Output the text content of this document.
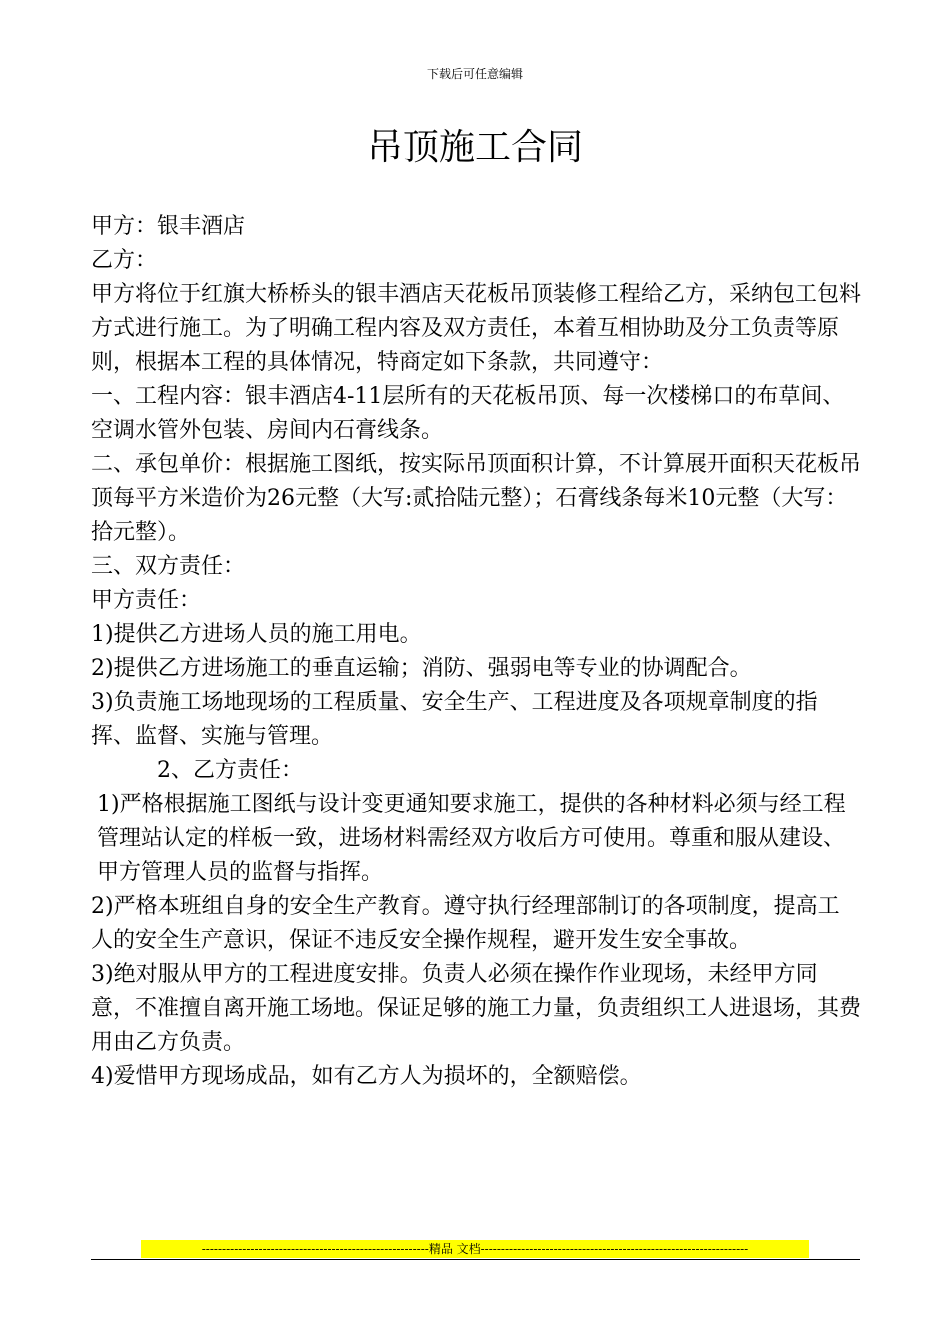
下载后可任意编辑
吊顶施工合同

甲方：银丰酒店

乙方：

甲方将位于红旗大桥桥头的银丰酒店天花板吊顶装修工程给乙方，采纳包工包料方式进行施工。为了明确工程内容及双方责任，本着互相协助及分工负责等原则，根据本工程的具体情况，特商定如下条款，共同遵守：

一、工程内容：银丰酒店4-11层所有的天花板吊顶、每一次楼梯口的布草间、空调水管外包装、房间内石膏线条。

二、承包单价：根据施工图纸，按实际吊顶面积计算，不计算展开面积天花板吊顶每平方米造价为26元整（大写:贰拾陆元整）；石膏线条每米10元整（大写：拾元整）。

三、双方责任：

甲方责任：

1)提供乙方进场人员的施工用电。

2)提供乙方进场施工的垂直运输；消防、强弱电等专业的协调配合。

3)负责施工场地现场的工程质量、安全生产、工程进度及各项规章制度的指挥、监督、实施与管理。

2、乙方责任：

1)严格根据施工图纸与设计变更通知要求施工，提供的各种材料必须与经工程管理站认定的样板一致，进场材料需经双方收后方可使用。尊重和服从建设、甲方管理人员的监督与指挥。

2)严格本班组自身的安全生产教育。遵守执行经理部制订的各项制度，提高工人的安全生产意识，保证不违反安全操作规程，避开发生安全事故。

3)绝对服从甲方的工程进度安排。负责人必须在操作作业现场，未经甲方同意，不准擅自离开施工场地。保证足够的施工力量，负责组织工人进退场，其费用由乙方负责。

4)爱惜甲方现场成品，如有乙方人为损坏的，全额赔偿。

--------------------------------------------------------精品 文档------------------------------------------------------------------
